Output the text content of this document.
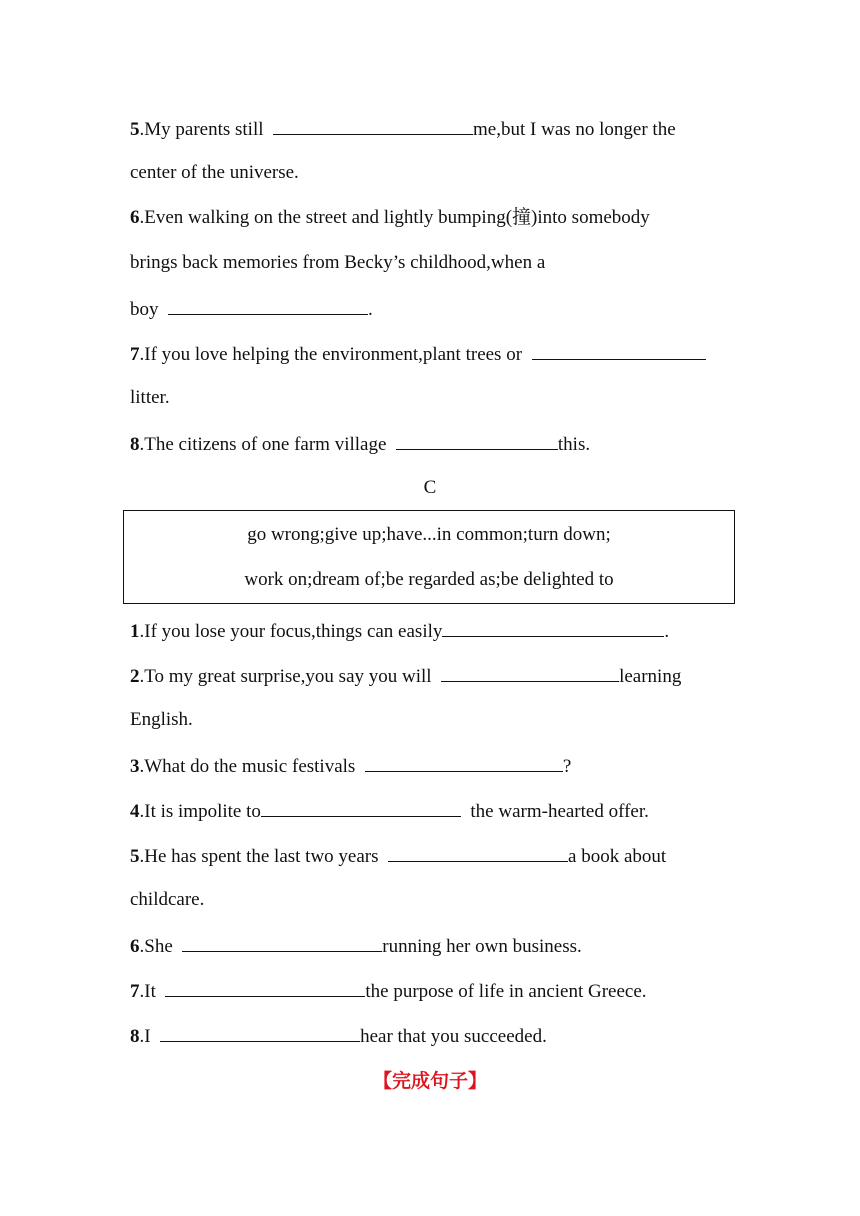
5.My parents still	me,but I was no longer the
center of the universe.
6.Even walking on the street and lightly bumping(撞)into somebody
brings back memories from Becky’s childhood,when a
boy	.
7.If you love helping the environment,plant trees or
litter.
8.The citizens of one farm village	this.
C
go wrong;give up;have...in common;turn down;
work on;dream of;be regarded as;be delighted to
1.If you lose your focus,things can easily	.
2.To my great surprise,you say you will	learning
English.
3.What do the music festivals	?
4.It is impolite to	the warm-hearted offer.
5.He has spent the last two years	a book about
childcare.
6.She	running her own business.
7.It	the purpose of life in ancient Greece.
8.I	hear that you succeeded.
【完成句子】
